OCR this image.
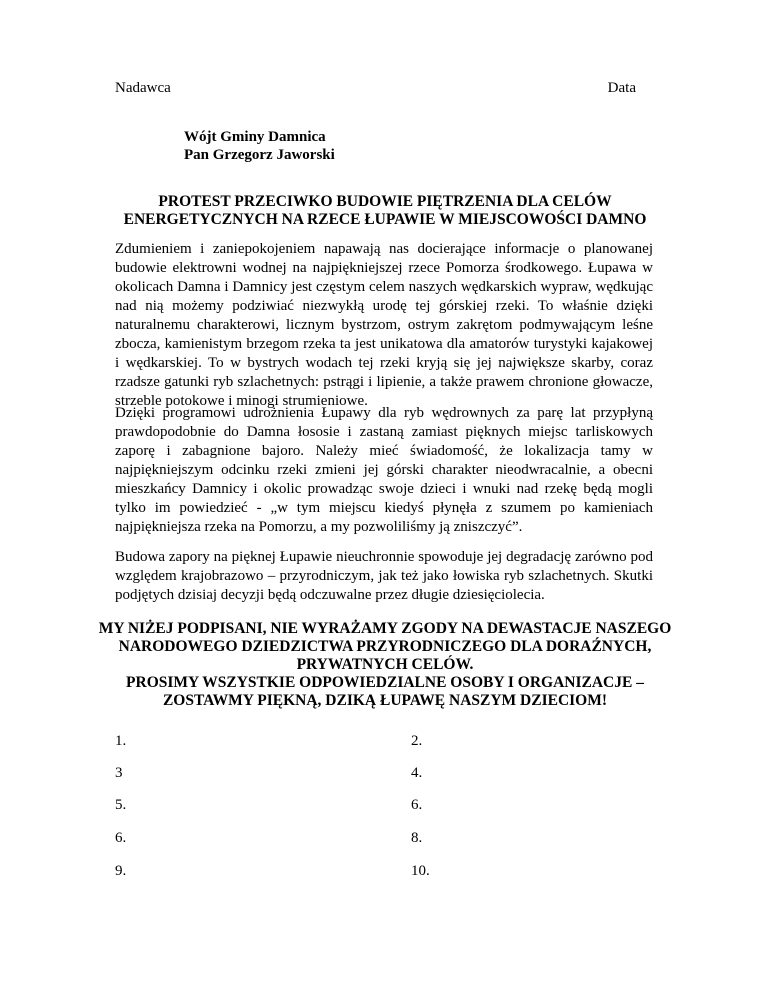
Nadawca	Data
Wójt Gminy Damnica
Pan Grzegorz Jaworski
PROTEST PRZECIWKO BUDOWIE PIĘTRZENIA DLA CELÓW
ENERGETYCZNYCH NA RZECE ŁUPAWIE W MIEJSCOWOŚCI DAMNO

Zdumieniem i zaniepokojeniem napawają nas docierające informacje o planowanej budowie elektrowni wodnej na najpiękniejszej rzece Pomorza środkowego. Łupawa w okolicach Damna i Damnicy jest częstym celem naszych wędkarskich wypraw, wędkując nad nią możemy podziwiać niezwykłą urodę tej górskiej rzeki. To właśnie dzięki naturalnemu charakterowi, licznym bystrzom, ostrym zakrętom podmywającym leśne zbocza, kamienistym brzegom rzeka ta jest unikatowa dla amatorów turystyki kajakowej i wędkarskiej. To w bystrych wodach tej rzeki kryją się jej największe skarby, coraz rzadsze gatunki ryb szlachetnych: pstrągi i lipienie, a także prawem chronione głowacze, strzeble potokowe i minogi strumieniowe.

Dzięki programowi udrożnienia Łupawy dla ryb wędrownych za parę lat przypłyną prawdopodobnie do Damna łososie i zastaną zamiast pięknych miejsc tarliskowych zaporę i zabagnione bajoro. Należy mieć świadomość, że lokalizacja tamy w najpiękniejszym odcinku rzeki zmieni jej górski charakter nieodwracalnie, a obecni mieszkańcy Damnicy i okolic prowadząc swoje dzieci i wnuki nad rzekę będą mogli tylko im powiedzieć - „w tym miejscu kiedyś płynęła z szumem po kamieniach najpiękniejsza rzeka na Pomorzu, a my pozwoliliśmy ją zniszczyć”.

Budowa zapory na pięknej Łupawie nieuchronnie spowoduje jej degradację zarówno pod względem krajobrazowo – przyrodniczym, jak też jako łowiska ryb szlachetnych. Skutki podjętych dzisiaj decyzji będą odczuwalne przez długie dziesięciolecia.

MY NIŻEJ PODPISANI, NIE WYRAŻAMY ZGODY NA DEWASTACJE NASZEGO
NARODOWEGO DZIEDZICTWA PRZYRODNICZEGO DLA DORAŹNYCH,
PRYWATNYCH CELÓW.
PROSIMY WSZYSTKIE ODPOWIEDZIALNE OSOBY I ORGANIZACJE –
ZOSTAWMY PIĘKNĄ, DZIKĄ ŁUPAWĘ NASZYM DZIECIOM!
1.	2.
3	4.
5.	6.
6.	8.
9.	10.
